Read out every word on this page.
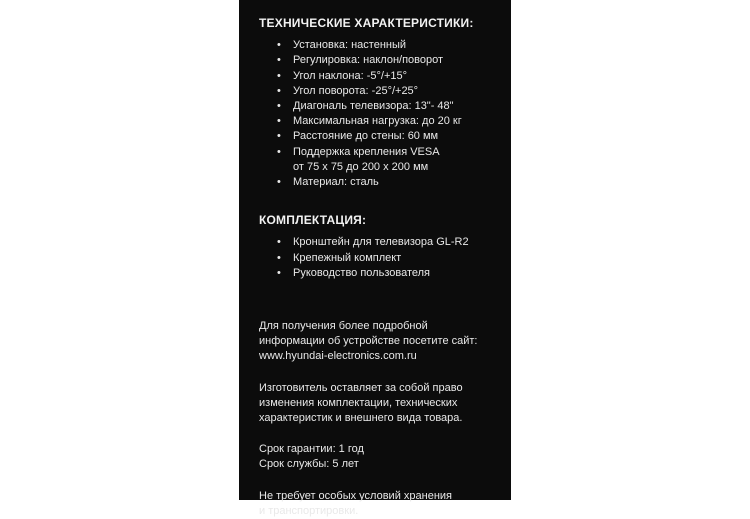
ТЕХНИЧЕСКИЕ ХАРАКТЕРИСТИКИ:
• Установка: настенный
• Регулировка: наклон/поворот
• Угол наклона: -5°/+15°
• Угол поворота: -25°/+25°
• Диагональ телевизора: 13"- 48"
• Максимальная нагрузка: до 20 кг
• Расстояние до стены: 60 мм
• Поддержка крепления VESA
от 75 x 75 до 200 x 200 мм
• Материал: сталь
КОМПЛЕКТАЦИЯ:
• Кронштейн для телевизора GL-R2
• Крепежный комплект
• Руководство пользователя

Для получения более подробной
информации об устройстве посетите сайт:
www.hyundai-electronics.com.ru

Изготовитель оставляет за собой право
изменения комплектации, технических
характеристик и внешнего вида товара.

Срок гарантии: 1 год
Срок службы: 5 лет

Не требует особых условий хранения
и транспортировки.
